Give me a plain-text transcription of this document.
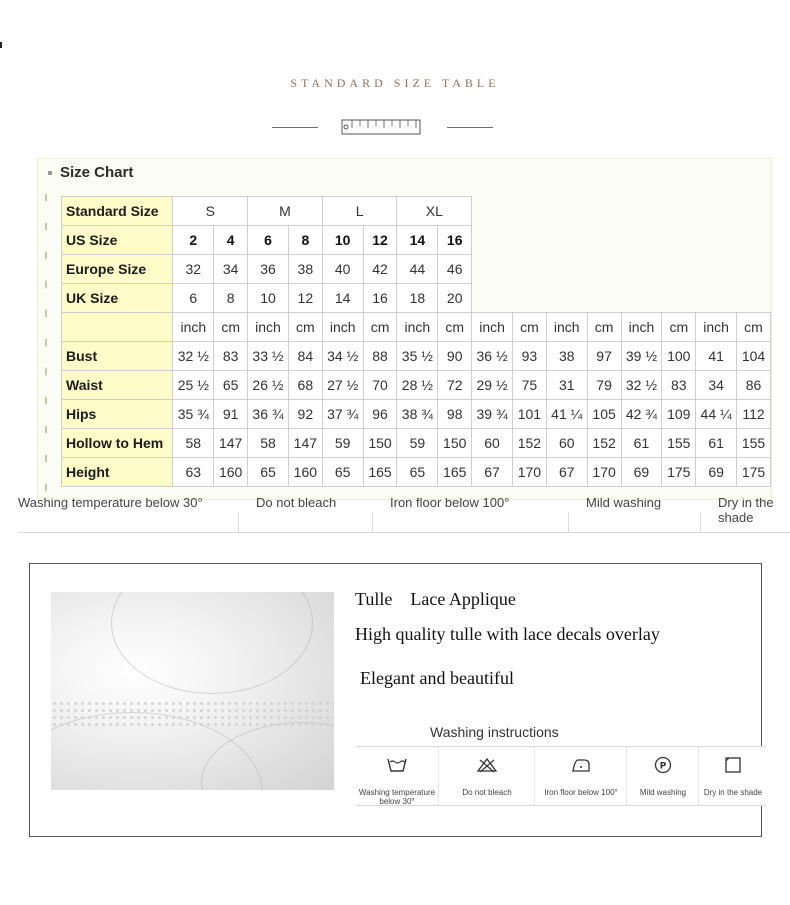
STANDARD SIZE TABLE
Size Chart
Standard Size	S		M		L		XL									
US Size	2	4	6	8	10	12	14	16								
Europe Size	32	34	36	38	40	42	44	46								
UK Size	6	8	10	12	14	16	18	20								
	inch	cm	inch	cm	inch	cm	inch	cm	inch	cm	inch	cm	inch	cm	inch	cm
Bust	32 ½	83	33 ½	84	34 ½	88	35 ½	90	36 ½	93	38	97	39 ½	100	41	104
Waist	25 ½	65	26 ½	68	27 ½	70	28 ½	72	29 ½	75	31	79	32 ½	83	34	86
Hips	35 ¾	91	36 ¾	92	37 ¾	96	38 ¾	98	39 ¾	101	41 ¼	105	42 ¾	109	44 ¼	112
Hollow to Hem	58	147	58	147	59	150	59	150	60	152	60	152	61	155	61	155
Height	63	160	65	160	65	165	65	165	67	170	67	170	69	175	69	175
Washing temperature below 30°	Do not bleach	Iron floor below 100°	Mild washing	Dry in the shade
Tulle    Lace Applique
High quality tulle with lace decals overlay
Elegant and beautiful
Washing instructions
Washing temperature below 30°
Do not bleach	Iron floor below 100°
P
Mild washing	Dry in the shade
